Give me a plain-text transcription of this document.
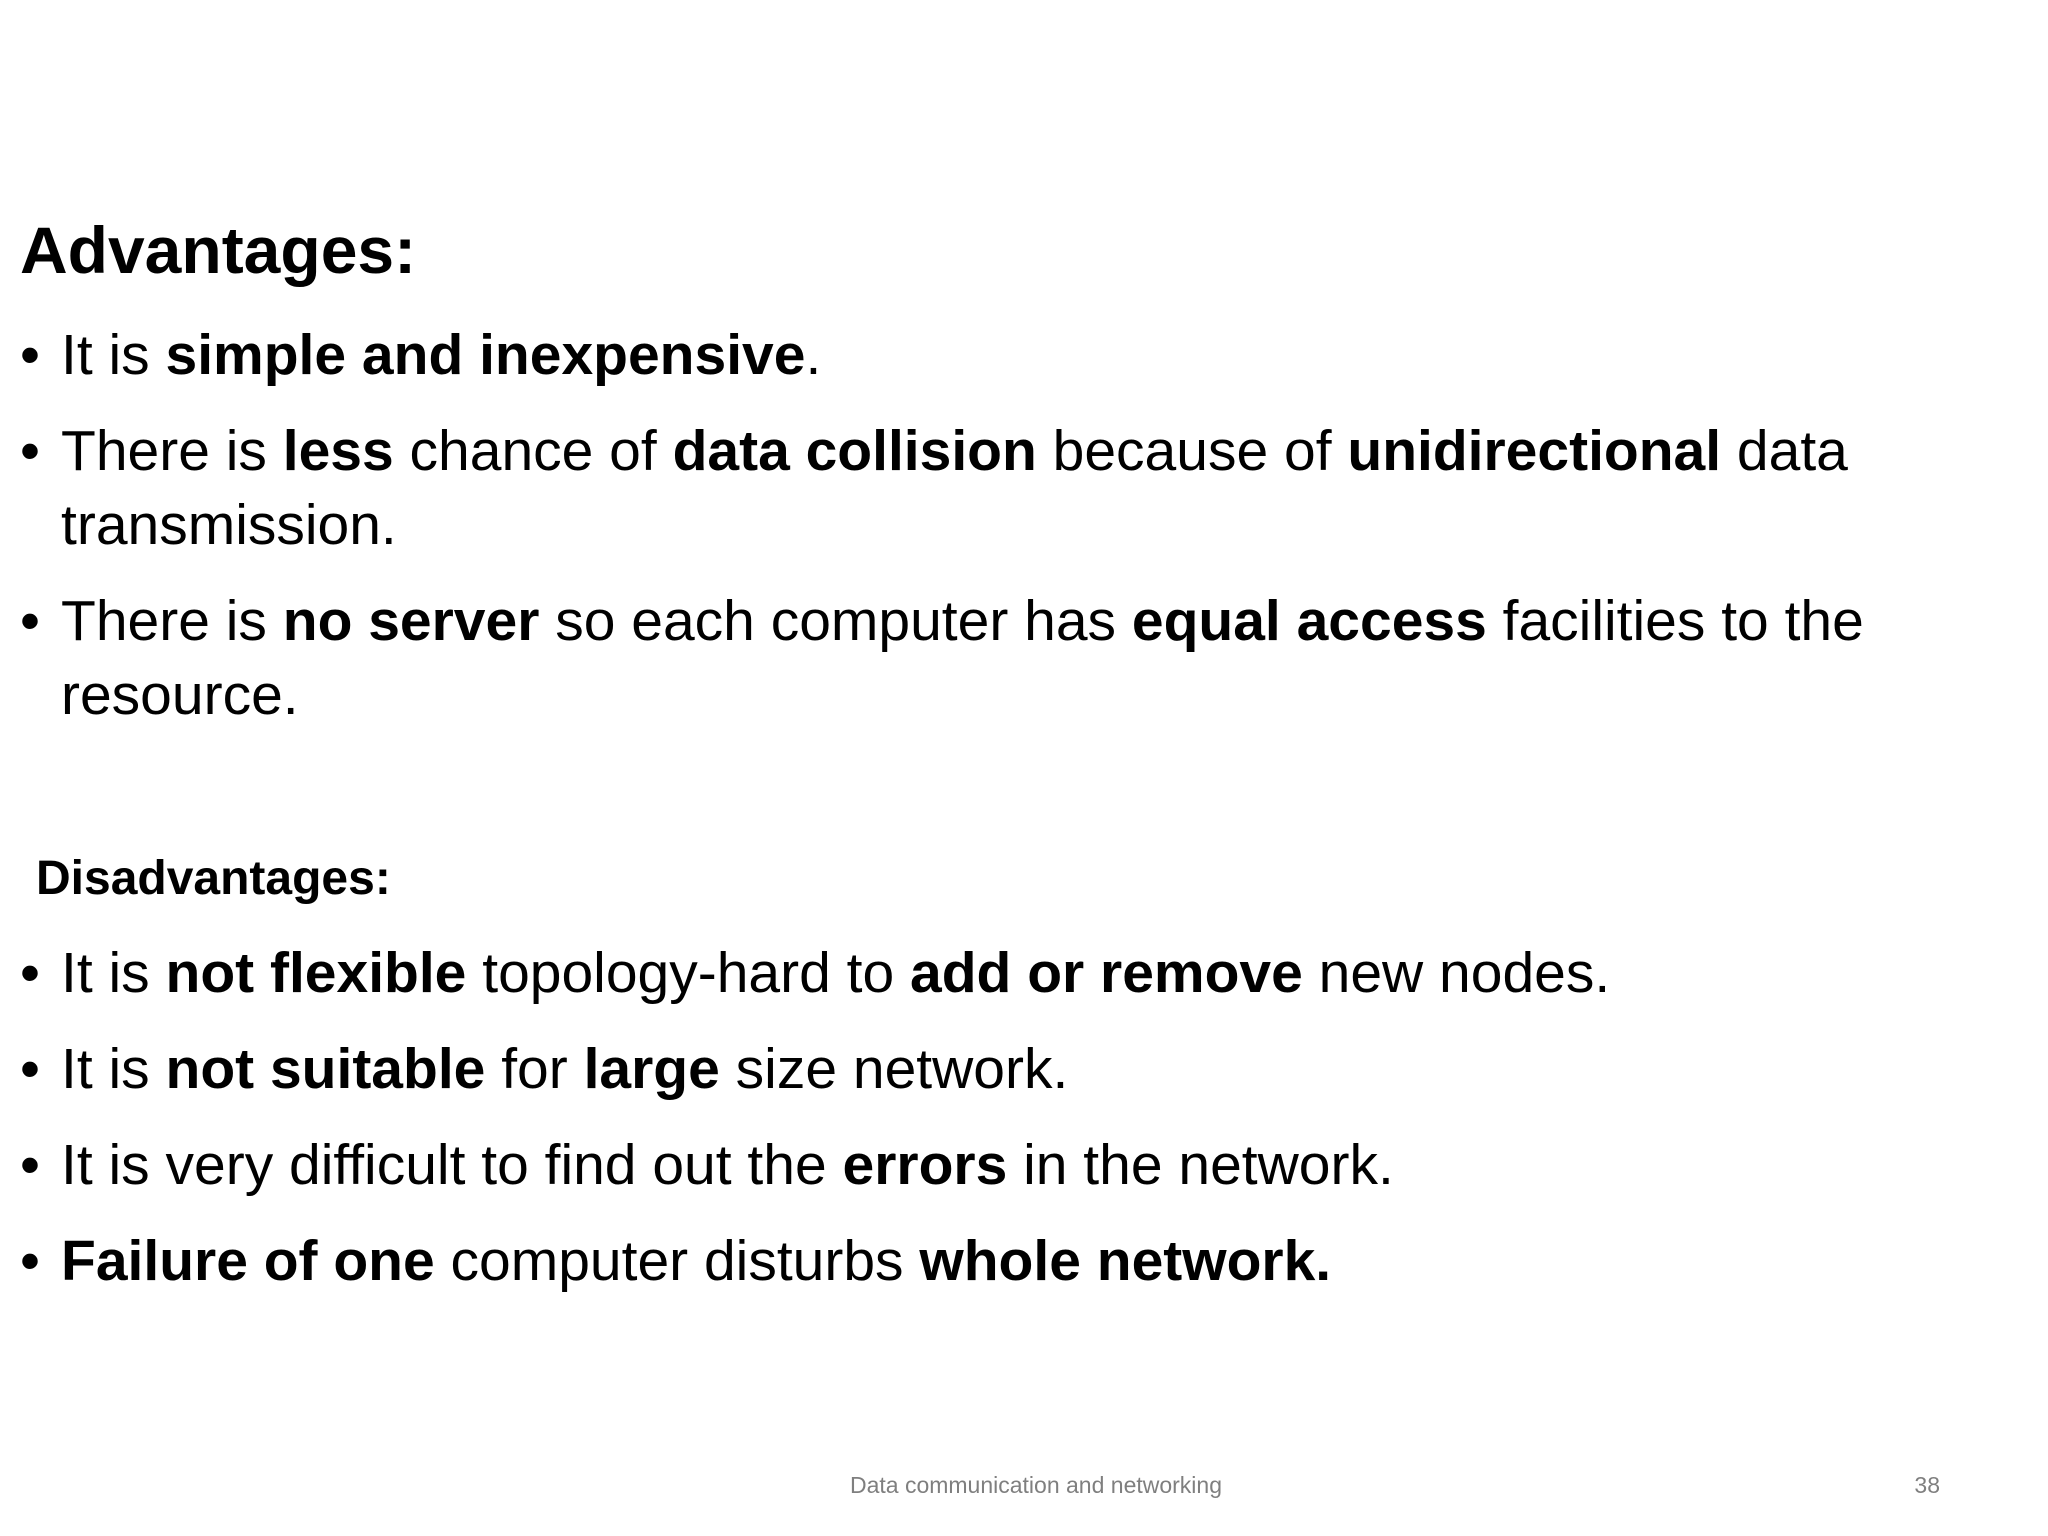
Advantages:
• It is simple and inexpensive.
• There is less chance of data collision because of unidirectional data transmission.
• There is no server so each computer has equal access facilities to the resource.
Disadvantages:
• It is not flexible topology-hard to add or remove new nodes.
• It is not suitable for large size network.
• It is very difficult to find out the errors in the network.
• Failure of one computer disturbs whole network.
Data communication and networking	38
